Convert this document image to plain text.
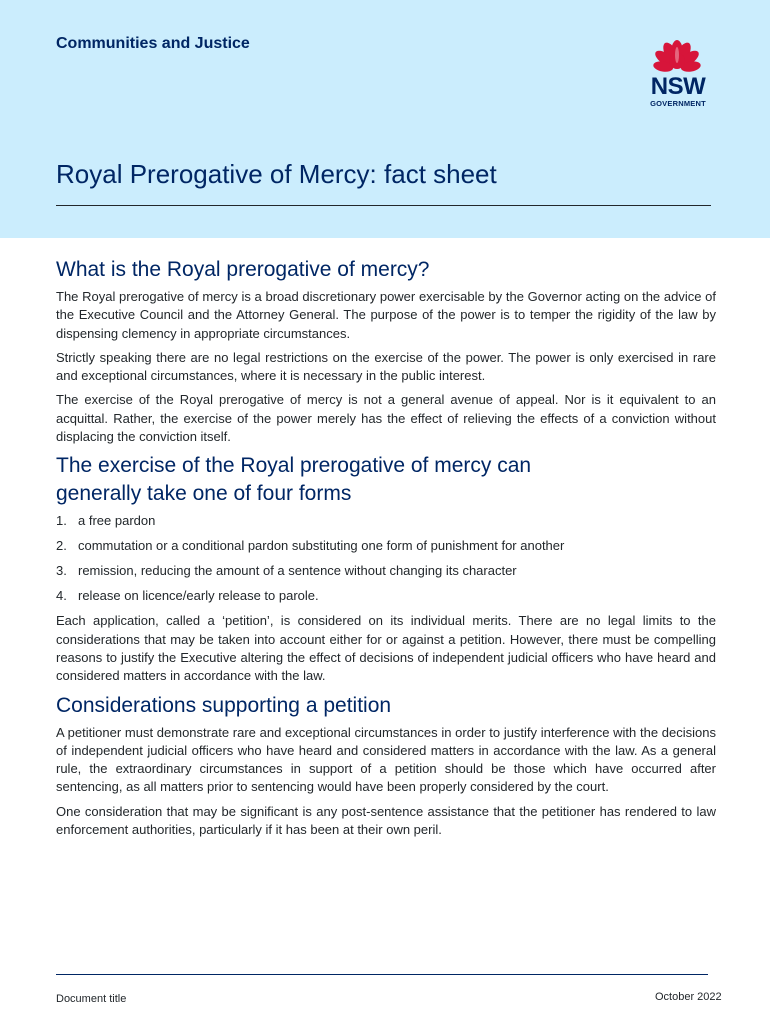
Communities and Justice
NSW
GOVERNMENT
Royal Prerogative of Mercy: fact sheet
What is the Royal prerogative of mercy?

The Royal prerogative of mercy is a broad discretionary power exercisable by the Governor acting on the advice of the Executive Council and the Attorney General. The purpose of the power is to temper the rigidity of the law by dispensing clemency in appropriate circumstances.

Strictly speaking there are no legal restrictions on the exercise of the power. The power is only exercised in rare and exceptional circumstances, where it is necessary in the public interest.

The exercise of the Royal prerogative of mercy is not a general avenue of appeal. Nor is it equivalent to an acquittal. Rather, the exercise of the power merely has the effect of relieving the effects of a conviction without displacing the conviction itself.

The exercise of the Royal prerogative of mercy can
generally take one of four forms
1. a free pardon
2. commutation or a conditional pardon substituting one form of punishment for another
3. remission, reducing the amount of a sentence without changing its character
4. release on licence/early release to parole.

Each application, called a ‘petition’, is considered on its individual merits. There are no legal limits to the considerations that may be taken into account either for or against a petition. However, there must be compelling reasons to justify the Executive altering the effect of decisions of independent judicial officers who have heard and considered matters in accordance with the law.

Considerations supporting a petition

A petitioner must demonstrate rare and exceptional circumstances in order to justify interference with the decisions of independent judicial officers who have heard and considered matters in accordance with the law. As a general rule, the extraordinary circumstances in support of a petition should be those which have occurred after sentencing, as all matters prior to sentencing would have been properly considered by the court.

One consideration that may be significant is any post-sentence assistance that the petitioner has rendered to law enforcement authorities, particularly if it has been at their own peril.

Document title	October 2022
